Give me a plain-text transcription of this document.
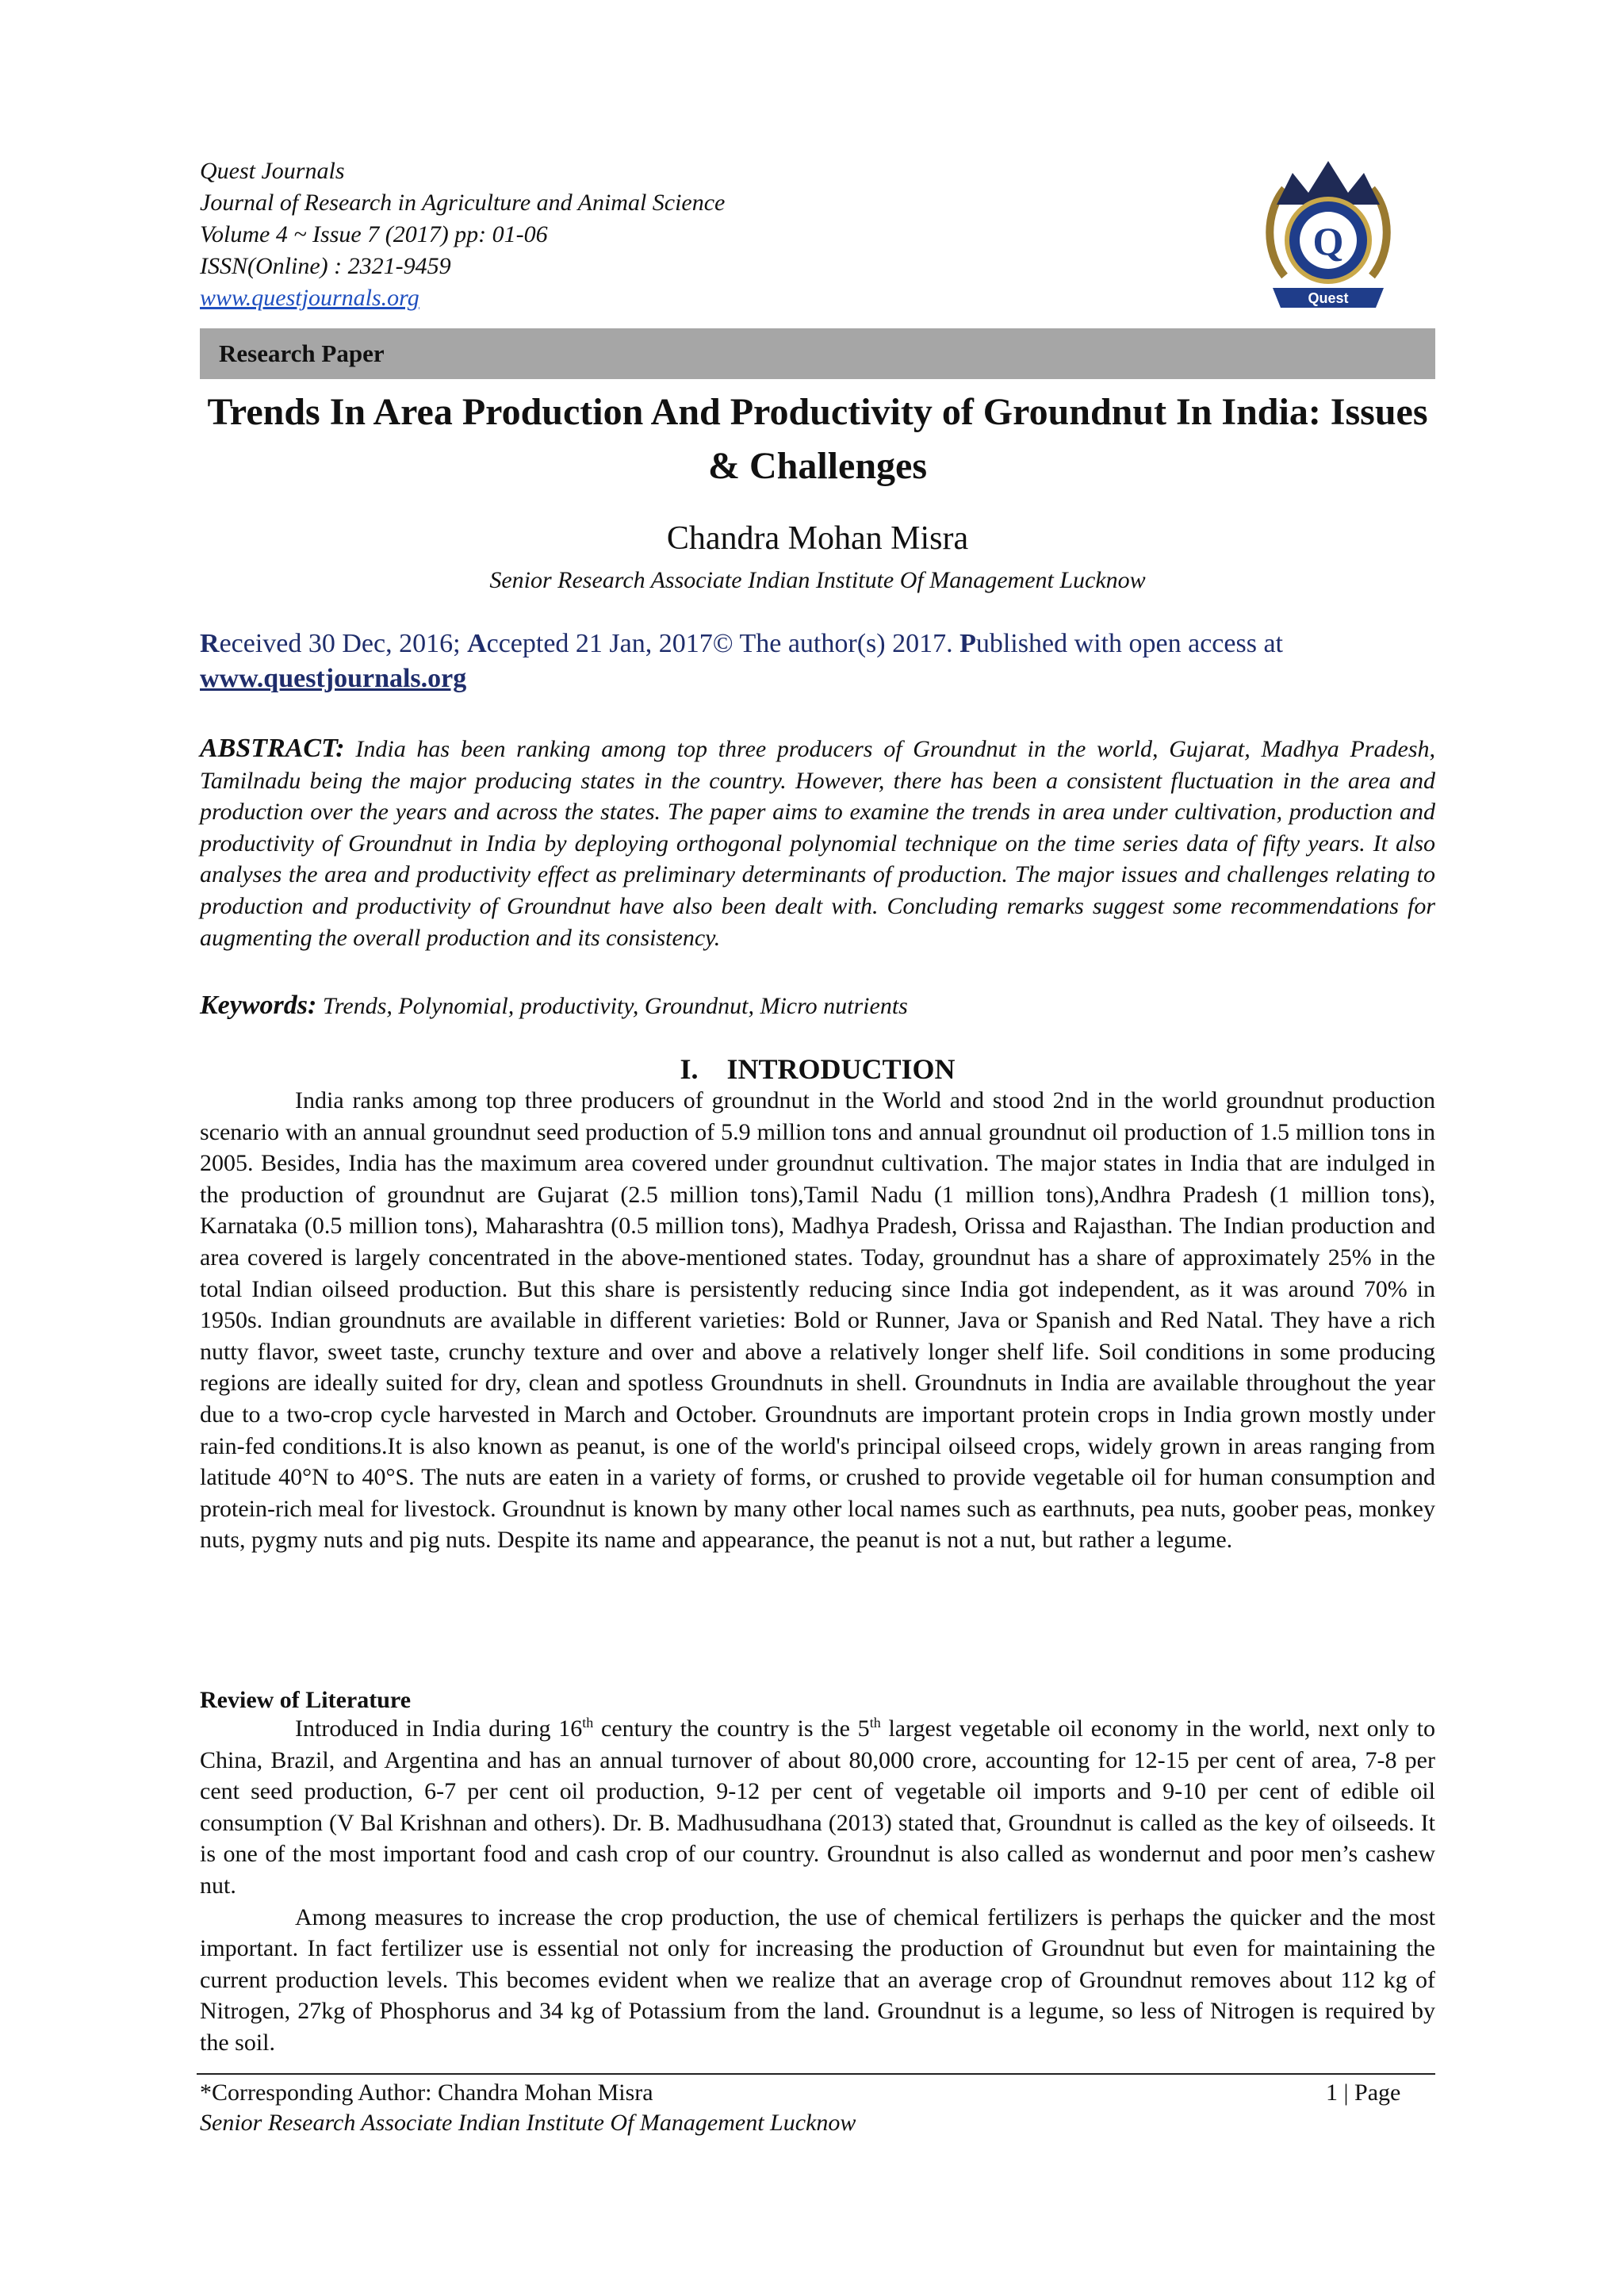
Quest Journals
Journal of Research in Agriculture and Animal Science
Volume 4 ~ Issue 7 (2017) pp: 01-06
ISSN(Online) : 2321-9459
www.questjournals.org
Q
Quest
Research Paper
Trends In Area Production And Productivity of Groundnut In India: Issues & Challenges
Chandra Mohan Misra
Senior Research Associate Indian Institute Of Management Lucknow
Received 30 Dec, 2016; Accepted 21 Jan, 2017© The author(s) 2017. Published with open access at
www.questjournals.org
ABSTRACT: India has been ranking among top three producers of Groundnut in the world, Gujarat, Madhya Pradesh, Tamilnadu being the major producing states in the country. However, there has been a consistent fluctuation in the area and production over the years and across the states. The paper aims to examine the trends in area under cultivation, production and productivity of Groundnut in India by deploying orthogonal polynomial technique on the time series data of fifty years. It also analyses the area and productivity effect as preliminary determinants of production. The major issues and challenges relating to production and productivity of Groundnut have also been dealt with. Concluding remarks suggest some recommendations for augmenting the overall production and its consistency.
Keywords: Trends, Polynomial, productivity, Groundnut, Micro nutrients
I.    INTRODUCTION

India ranks among top three producers of groundnut in the World and stood 2nd in the world groundnut production scenario with an annual groundnut seed production of 5.9 million tons and annual groundnut oil production of 1.5 million tons in 2005. Besides, India has the maximum area covered under groundnut cultivation. The major states in India that are indulged in the production of groundnut are Gujarat (2.5 million tons),Tamil Nadu (1 million tons),Andhra Pradesh (1 million tons), Karnataka (0.5 million tons), Maharashtra (0.5 million tons), Madhya Pradesh, Orissa and Rajasthan. The Indian production and area covered is largely concentrated in the above-mentioned states. Today, groundnut has a share of approximately 25% in the total Indian oilseed production. But this share is persistently reducing since India got independent, as it was around 70% in 1950s. Indian groundnuts are available in different varieties: Bold or Runner, Java or Spanish and Red Natal. They have a rich nutty flavor, sweet taste, crunchy texture and over and above a relatively longer shelf life. Soil conditions in some producing regions are ideally suited for dry, clean and spotless Groundnuts in shell. Groundnuts in India are available throughout the year due to a two-crop cycle harvested in March and October. Groundnuts are important protein crops in India grown mostly under rain-fed conditions.It is also known as peanut, is one of the world's principal oilseed crops, widely grown in areas ranging from latitude 40°N to 40°S. The nuts are eaten in a variety of forms, or crushed to provide vegetable oil for human consumption and protein-rich meal for livestock. Groundnut is known by many other local names such as earthnuts, pea nuts, goober peas, monkey nuts, pygmy nuts and pig nuts. Despite its name and appearance, the peanut is not a nut, but rather a legume.

Review of Literature

Introduced in India during 16th century the country is the 5th largest vegetable oil economy in the world, next only to China, Brazil, and Argentina and has an annual turnover of about 80,000 crore, accounting for 12-15 per cent of area, 7-8 per cent seed production, 6-7 per cent oil production, 9-12 per cent of vegetable oil imports and 9-10 per cent of edible oil consumption (V Bal Krishnan and others). Dr. B. Madhusudhana (2013) stated that, Groundnut is called as the key of oilseeds. It is one of the most important food and cash crop of our country. Groundnut is also called as wondernut and poor men’s cashew nut.

Among measures to increase the crop production, the use of chemical fertilizers is perhaps the quicker and the most important. In fact fertilizer use is essential not only for increasing the production of Groundnut but even for maintaining the current production levels. This becomes evident when we realize that an average crop of Groundnut removes about 112 kg of Nitrogen, 27kg of Phosphorus and 34 kg of Potassium from the land. Groundnut is a legume, so less of Nitrogen is required by the soil.

*Corresponding Author: Chandra Mohan Misra	1 | Page
Senior Research Associate Indian Institute Of Management Lucknow
